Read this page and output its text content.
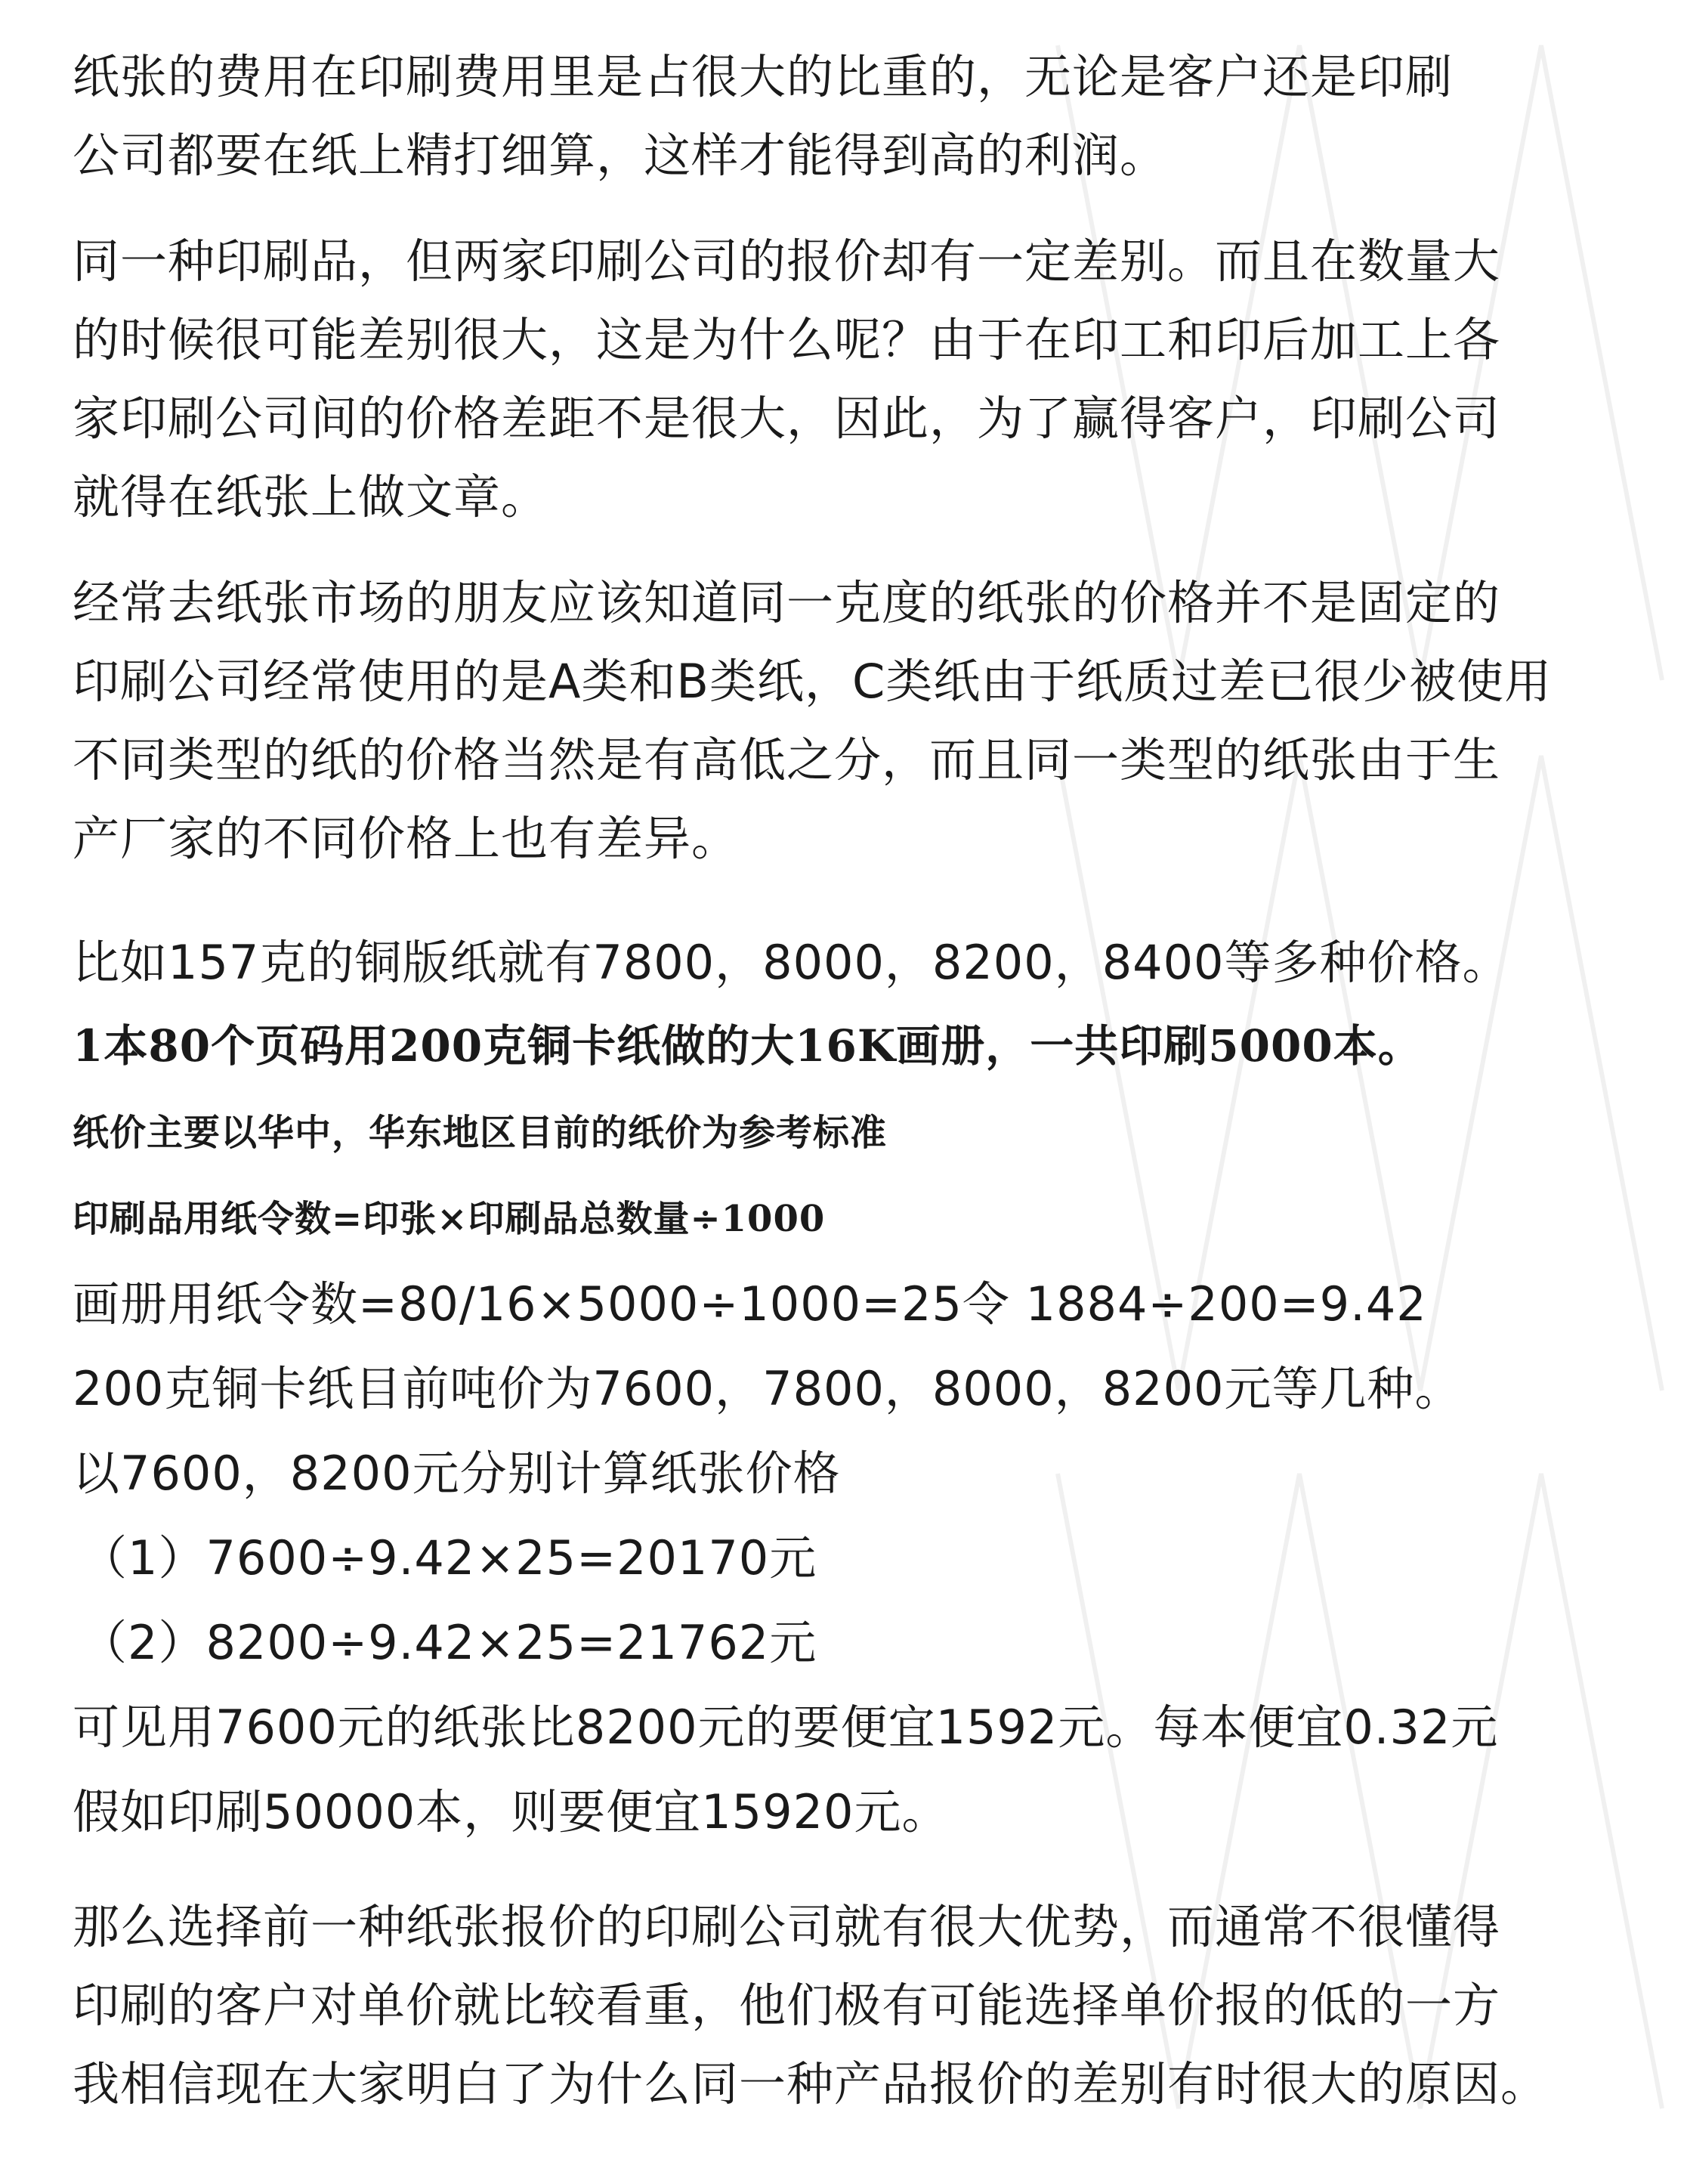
纸张的费用在印刷费用里是占很大的比重的，无论是客户还是印刷
公司都要在纸上精打细算，这样才能得到高的利润。
同一种印刷品，但两家印刷公司的报价却有一定差别。而且在数量大
的时候很可能差别很大，这是为什么呢？由于在印工和印后加工上各
家印刷公司间的价格差距不是很大，因此，为了赢得客户，印刷公司
就得在纸张上做文章。
经常去纸张市场的朋友应该知道同一克度的纸张的价格并不是固定的
印刷公司经常使用的是A类和B类纸，C类纸由于纸质过差已很少被使用
不同类型的纸的价格当然是有高低之分，而且同一类型的纸张由于生
产厂家的不同价格上也有差异。
比如157克的铜版纸就有7800，8000，8200，8400等多种价格。
1本80个页码用200克铜卡纸做的大16K画册，一共印刷5000本。
纸价主要以华中，华东地区目前的纸价为参考标准
印刷品用纸令数=印张×印刷品总数量÷1000
画册用纸令数=80/16×5000÷1000=25令 1884÷200=9.42
200克铜卡纸目前吨价为7600，7800，8000，8200元等几种。
以7600，8200元分别计算纸张价格
（1）7600÷9.42×25=20170元
（2）8200÷9.42×25=21762元
可见用7600元的纸张比8200元的要便宜1592元。每本便宜0.32元
假如印刷50000本，则要便宜15920元。
那么选择前一种纸张报价的印刷公司就有很大优势，而通常不很懂得
印刷的客户对单价就比较看重，他们极有可能选择单价报的低的一方
我相信现在大家明白了为什么同一种产品报价的差别有时很大的原因。
